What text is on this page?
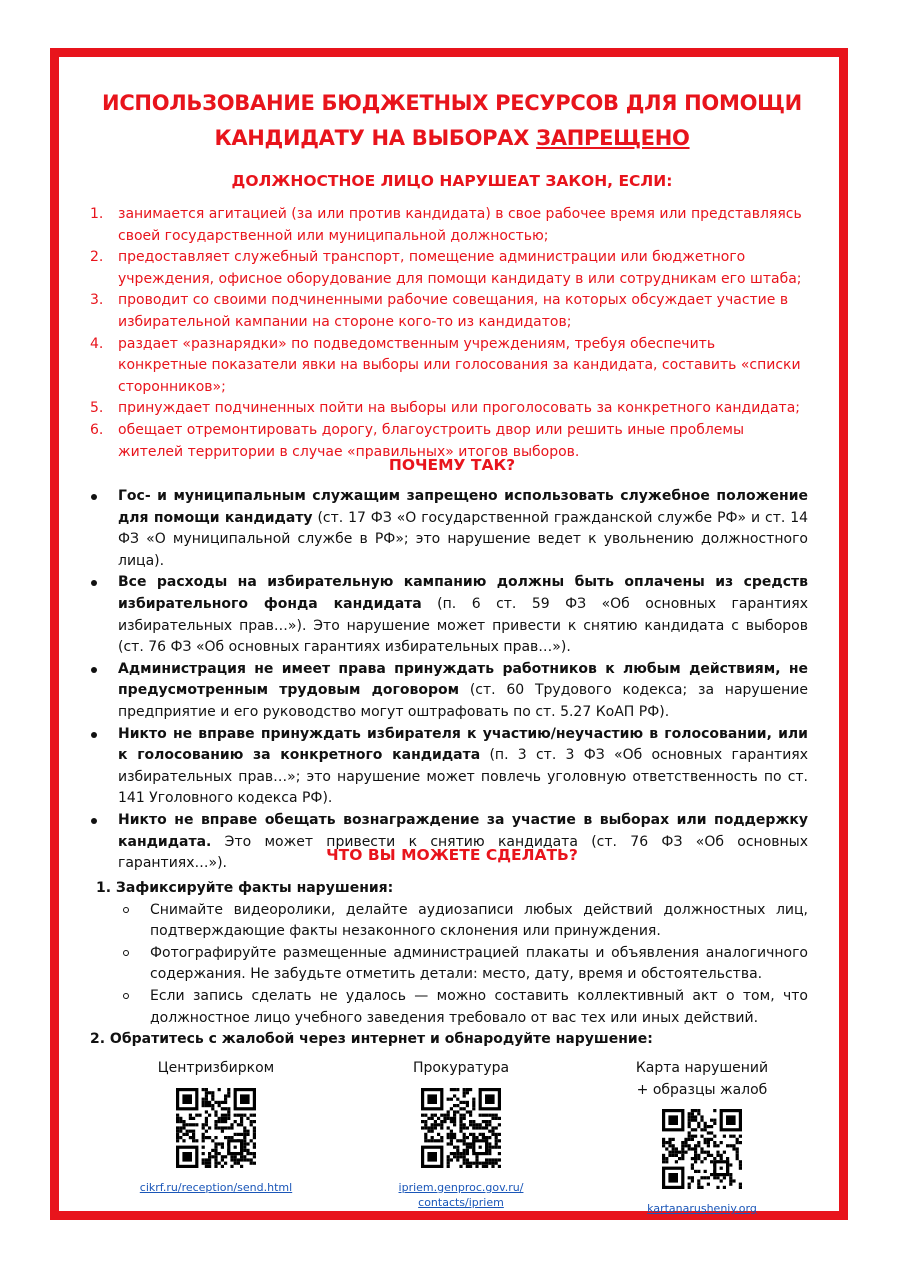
ИСПОЛЬЗОВАНИЕ БЮДЖЕТНЫХ РЕСУРСОВ ДЛЯ ПОМОЩИ
КАНДИДАТУ НА ВЫБОРАХ ЗАПРЕЩЕНО
ДОЛЖНОСТНОЕ ЛИЦО НАРУШЕАТ ЗАКОН, ЕСЛИ:
1. занимается агитацией (за или против кандидата) в свое рабочее время или представляясь своей государственной или муниципальной должностью;
2. предоставляет служебный транспорт, помещение администрации или бюджетного учреждения, офисное оборудование для помощи кандидату в или сотрудникам его штаба;
3. проводит со своими подчиненными рабочие совещания, на которых обсуждает участие в избирательной кампании на стороне кого-то из кандидатов;
4. раздает «разнарядки» по подведомственным учреждениям, требуя обеспечить конкретные показатели явки на выборы или голосования за кандидата, составить «списки сторонников»;
5. принуждает подчиненных пойти на выборы или проголосовать за конкретного кандидата;
6. обещает отремонтировать дорогу, благоустроить двор или решить иные проблемы жителей территории в случае «правильных» итогов выборов.
ПОЧЕМУ ТАК?
Гос- и муниципальным служащим запрещено использовать служебное положение для помощи кандидату (ст. 17 ФЗ «О государственной гражданской службе РФ» и ст. 14 ФЗ «О муниципальной службе в РФ»; это нарушение ведет к увольнению должностного лица).
Все расходы на избирательную кампанию должны быть оплачены из средств избирательного фонда кандидата (п. 6 ст. 59 ФЗ «Об основных гарантиях избирательных прав…»). Это нарушение может привести к снятию кандидата с выборов (ст. 76 ФЗ «Об основных гарантиях избирательных прав…»).
Администрация не имеет права принуждать работников к любым действиям, не предусмотренным трудовым договором (ст. 60 Трудового кодекса; за нарушение предприятие и его руководство могут оштрафовать по ст. 5.27 КоАП РФ).
Никто не вправе принуждать избирателя к участию/неучастию в голосовании, или к голосованию за конкретного кандидата (п. 3 ст. 3 ФЗ «Об основных гарантиях избирательных прав…»; это нарушение может повлечь уголовную ответственность по ст. 141 Уголовного кодекса РФ).
Никто не вправе обещать вознаграждение за участие в выборах или поддержку кандидата. Это может привести к снятию кандидата (ст. 76 ФЗ «Об основных гарантиях…»).	ЧТО ВЫ МОЖЕТЕ СДЕЛАТЬ?
1. Зафиксируйте факты нарушения:
Снимайте видеоролики, делайте аудиозаписи любых действий должностных лиц, подтверждающие факты незаконного склонения или принуждения.
Фотографируйте размещенные администрацией плакаты и объявления аналогичного содержания. Не забудьте отметить детали: место, дату, время и обстоятельства.
Если запись сделать не удалось — можно составить коллективный акт о том, что должностное лицо учебного заведения требовало от вас тех или иных действий.
2. Обратитесь с жалобой через интернет и обнародуйте нарушение:
Центризбирком
cikrf.ru/reception/send.html
Прокуратура
ipriem.genproc.gov.ru/
contacts/ipriem
Карта нарушений
+ образцы жалоб
kartanarusheniy.org
